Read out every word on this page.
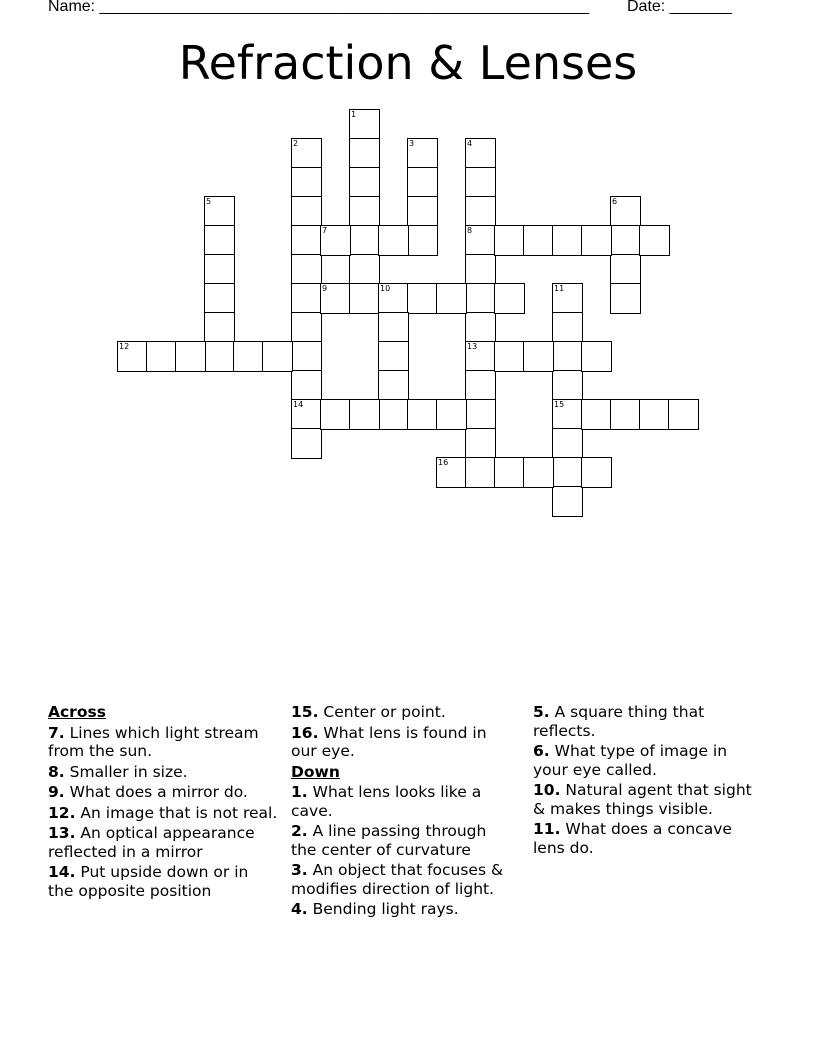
Name: _______________________________________________________ Date: _______
Refraction & Lenses
1
2
14
3	4
8
13
5	6
7
9	10	11
15
12
16
Across
7. Lines which light stream from the sun.
8. Smaller in size.
9. What does a mirror do.
12. An image that is not real.
13. An optical appearance reflected in a mirror
14. Put upside down or in the opposite position
15. Center or point.
16. What lens is found in our eye.
Down
1. What lens looks like a cave.
2. A line passing through the center of curvature
3. An object that focuses & modifies direction of light.
4. Bending light rays.
5. A square thing that reflects.
6. What type of image in your eye called.
10. Natural agent that sight & makes things visible.
11. What does a concave lens do.
